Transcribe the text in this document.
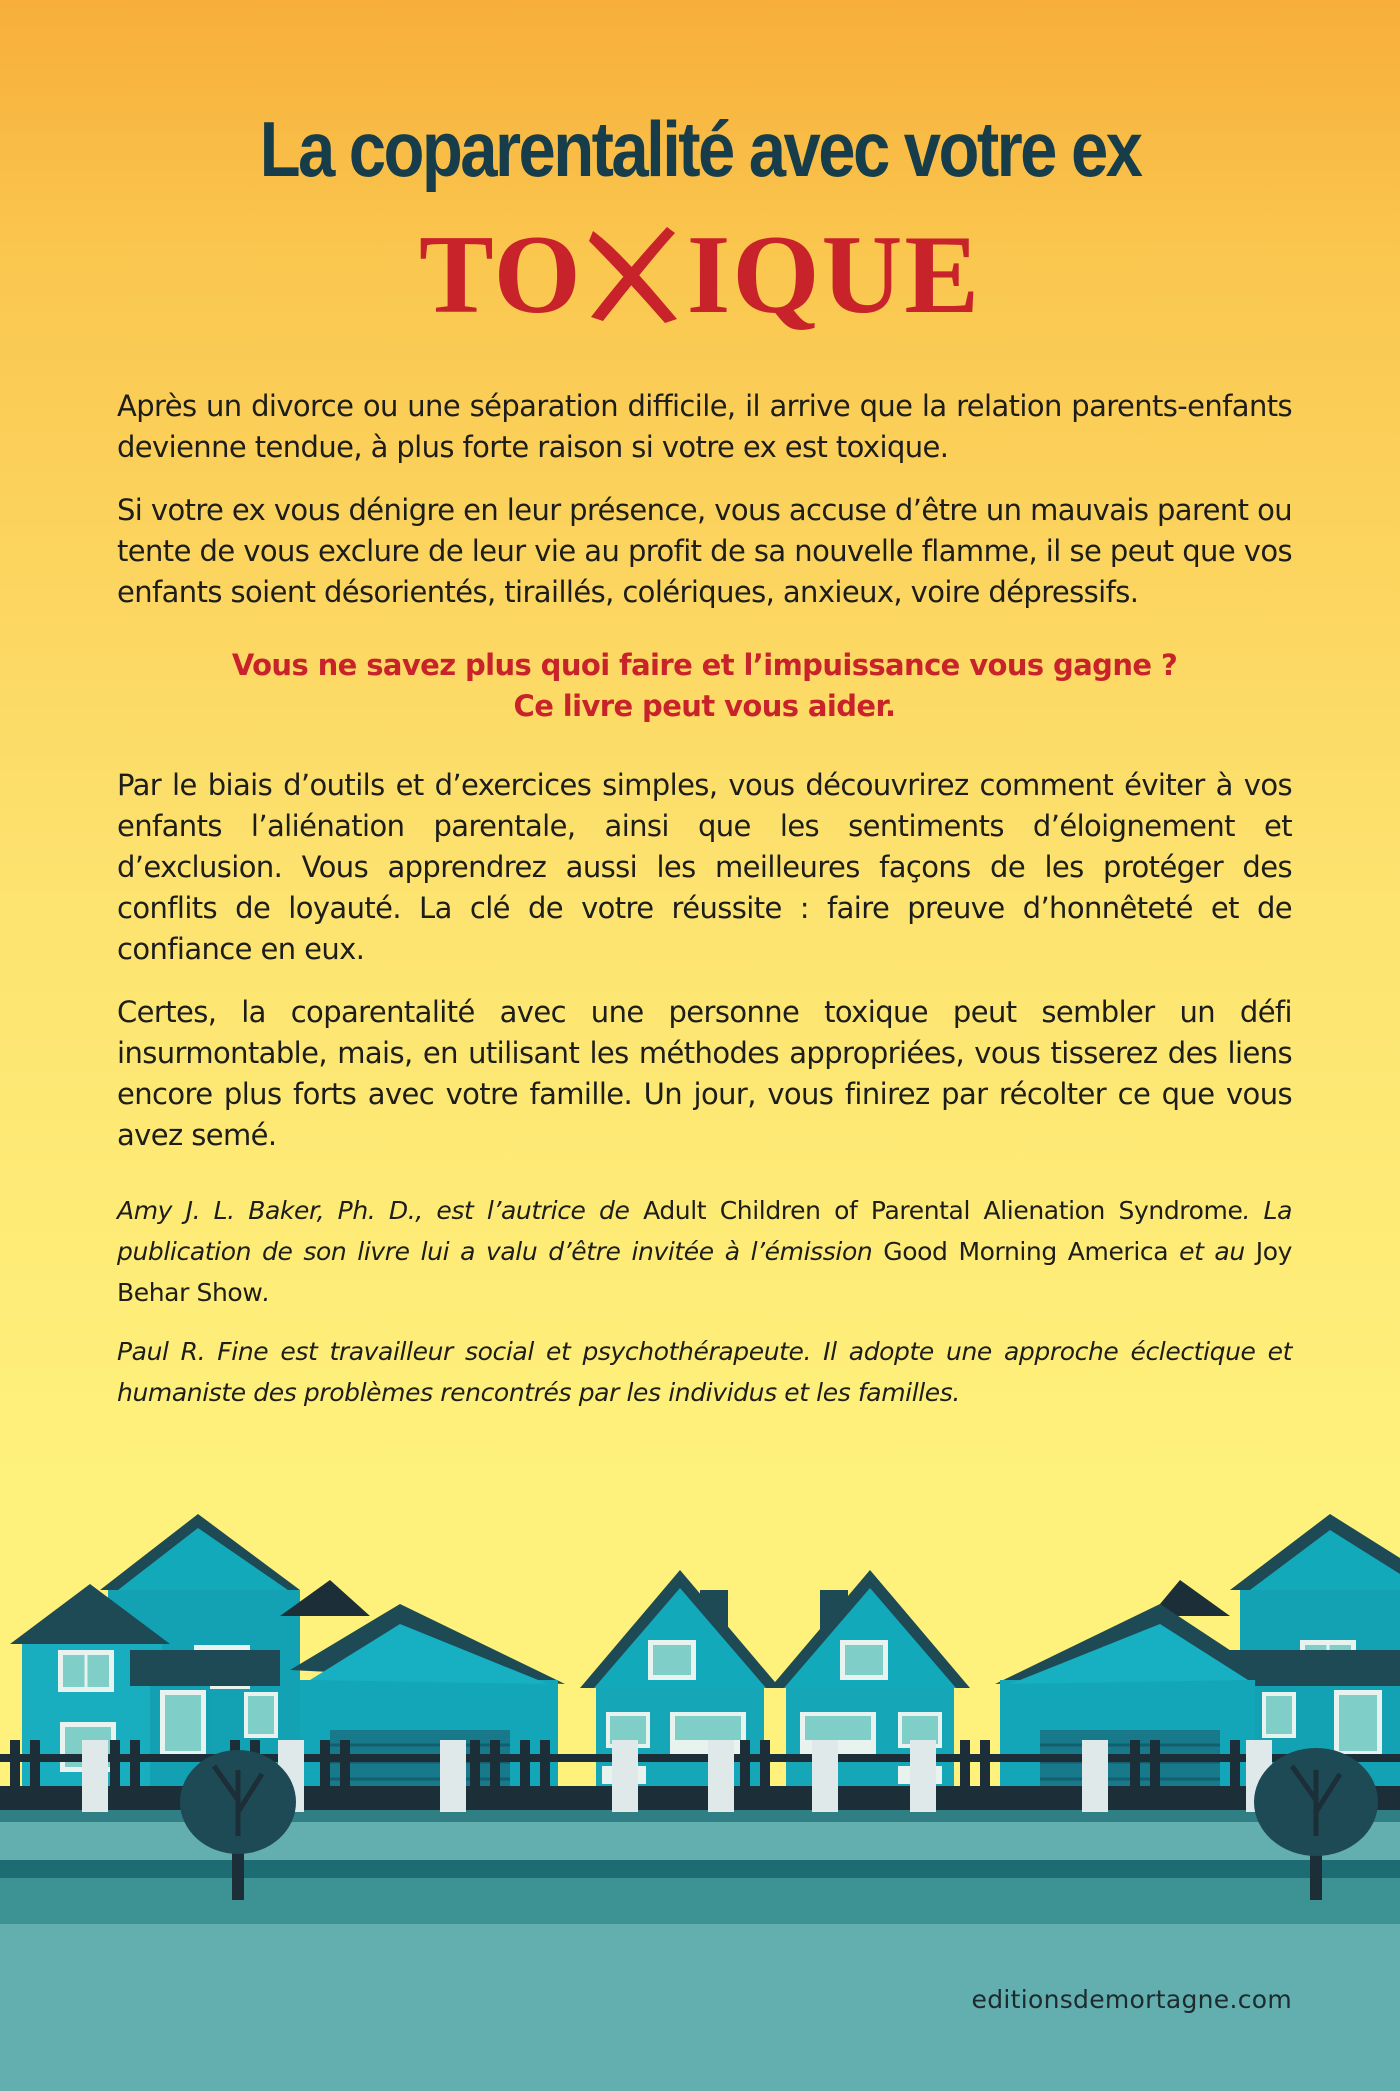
La coparentalité avec votre ex
TO IQUE

Après un divorce ou une séparation difficile, il arrive que la relation parents-enfants devienne tendue, à plus forte raison si votre ex est toxique.

Si votre ex vous dénigre en leur présence, vous accuse d’être un mauvais parent ou tente de vous exclure de leur vie au profit de sa nouvelle flamme, il se peut que vos enfants soient désorientés, tiraillés, colériques, anxieux, voire dépressifs.

Vous ne savez plus quoi faire et l’impuissance vous gagne ?
Ce livre peut vous aider.

Par le biais d’outils et d’exercices simples, vous découvrirez comment éviter à vos enfants l’aliénation parentale, ainsi que les sentiments d’éloignement et d’exclusion. Vous apprendrez aussi les meilleures façons de les protéger des conflits de loyauté. La clé de votre réussite : faire preuve d’honnêteté et de confiance en eux.

Certes, la coparentalité avec une personne toxique peut sembler un défi insurmontable, mais, en utilisant les méthodes appropriées, vous tisserez des liens encore plus forts avec votre famille. Un jour, vous finirez par récolter ce que vous avez semé.

Amy J. L. Baker, Ph. D., est l’autrice de Adult Children of Parental Alienation Syndrome. La publication de son livre lui a valu d’être invitée à l’émission Good Morning America et au Joy Behar Show.

Paul R. Fine est travailleur social et psychothérapeute. Il adopte une approche éclectique et humaniste des problèmes rencontrés par les individus et les familles.

editionsdemortagne.com
